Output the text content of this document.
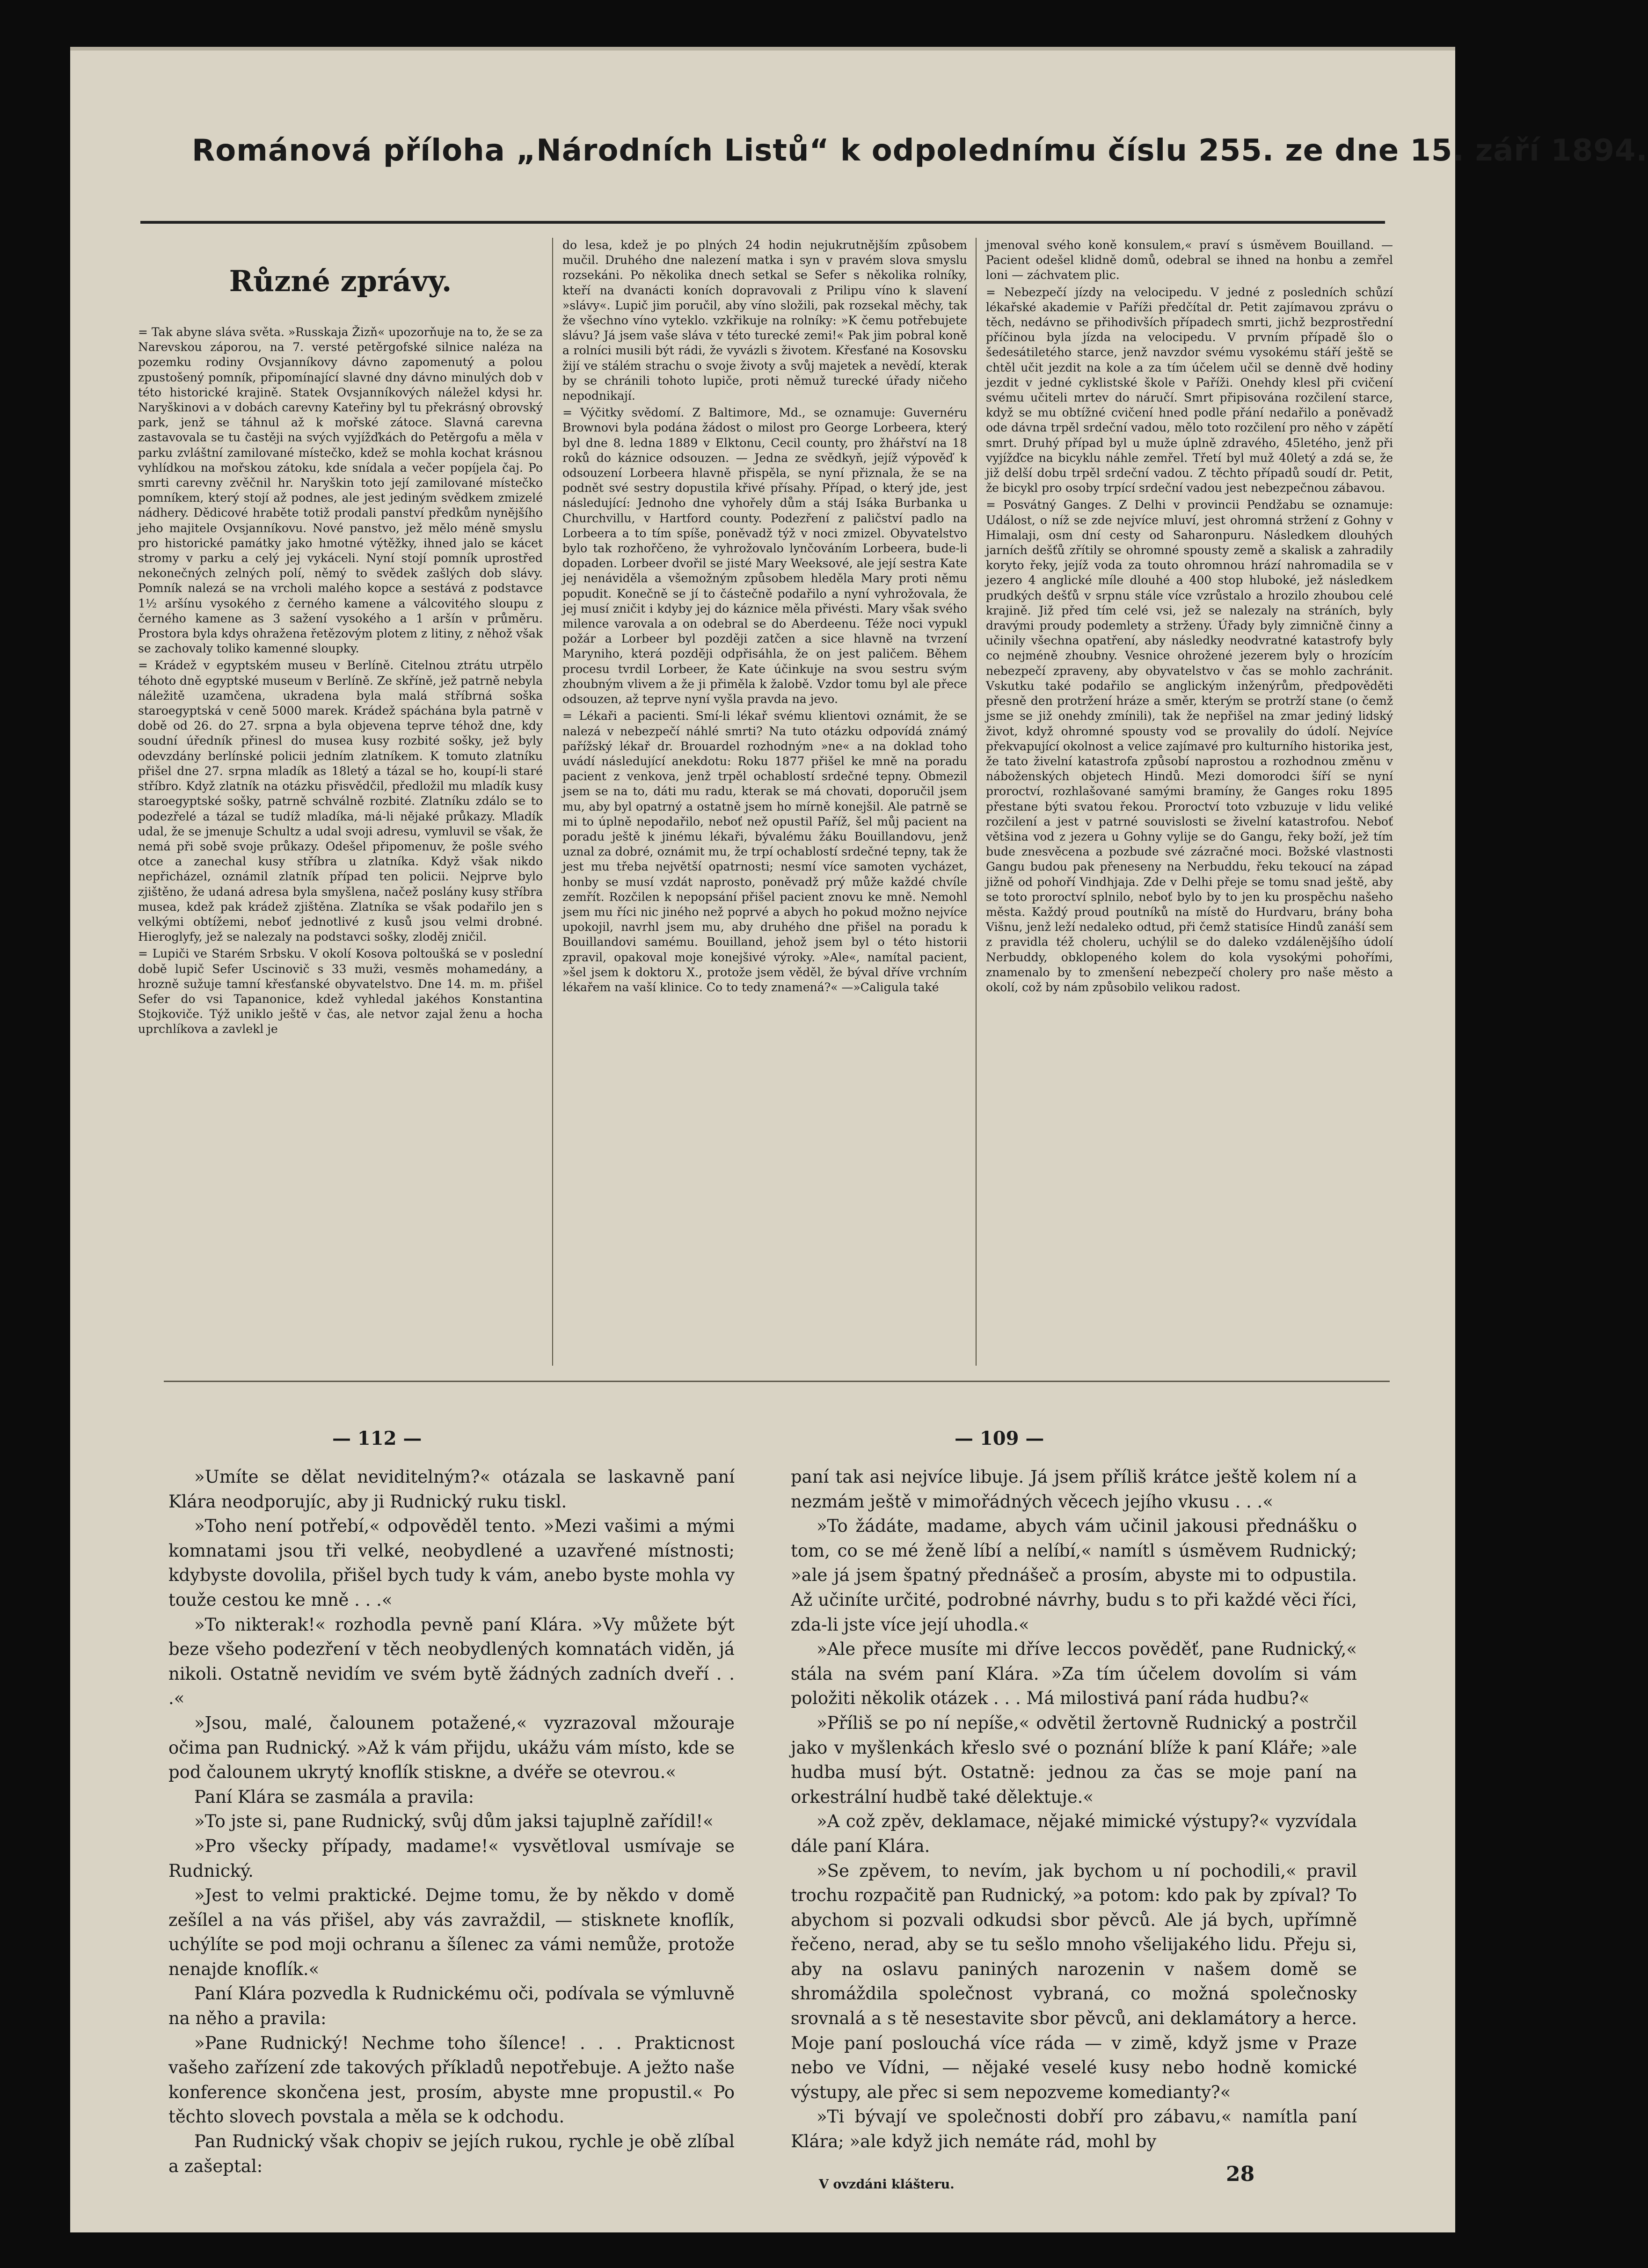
Románová příloha „Národních Listů“ k odpolednímu číslu 255. ze dne 15. září 1894.
Různé zprávy.

= Tak abyne sláva světa. »Russkaja Žizň« upozorňuje na to, že se za Narevskou záporou, na 7. versté petěrgofské silnice naléza na pozemku rodiny Ovsjanníkovy dávno zapomenutý a polou zpustošený pomník, připomínající slavné dny dávno minulých dob v této historické krajině. Statek Ovsjanníkových náležel kdysi hr. Naryškinovi a v dobách carevny Kateřiny byl tu překrásný obrovský park, jenž se táhnul až k mořské zátoce. Slavná carevna zastavovala se tu častěji na svých vyjížďkách do Petěrgofu a měla v parku zvláštní zamilované místečko, kdež se mohla kochat krásnou vyhlídkou na mořskou zátoku, kde snídala a večer popíjela čaj. Po smrti carevny zvěčnil hr. Naryškin toto její zamilované místečko pomníkem, který stojí až podnes, ale jest jediným svědkem zmizelé nádhery. Dědicové hraběte totiž prodali panství předkům nynějšího jeho majitele Ovsjanníkovu. Nové panstvo, jež mělo méně smyslu pro historické památky jako hmotné výtěžky, ihned jalo se kácet stromy v parku a celý jej vykáceli. Nyní stojí pomník uprostřed nekonečných zelných polí, němý to svědek zašlých dob slávy. Pomník nalezá se na vrcholi malého kopce a sestává z podstavce 1½ aršínu vysokého z černého kamene a válcovitého sloupu z černého kamene as 3 sažení vysokého a 1 aršín v průměru. Prostora byla kdys ohražena řetězovým plotem z litiny, z něhož však se zachovaly toliko kamenné sloupky.

= Krádež v egyptském museu v Berlíně. Citelnou ztrátu utrpělo téhoto dně egyptské museum v Berlíně. Ze skříně, jež patrně nebyla náležitě uzamčena, ukradena byla malá stříbrná soška staroegyptská v ceně 5000 marek. Krádež spáchána byla patrně v době od 26. do 27. srpna a byla objevena teprve téhož dne, kdy soudní úředník přinesl do musea kusy rozbité sošky, jež byly odevzdány berlínské policii jedním zlatníkem. K tomuto zlatníku přišel dne 27. srpna mladík as 18letý a tázal se ho, koupí-li staré stříbro. Když zlatník na otázku přisvědčil, předložil mu mladík kusy staroegyptské sošky, patrně schválně rozbité. Zlatníku zdálo se to podezřelé a tázal se tudíž mladíka, má-li nějaké průkazy. Mladík udal, že se jmenuje Schultz a udal svoji adresu, vymluvil se však, že nemá při sobě svoje průkazy. Odešel připomenuv, že pošle svého otce a zanechal kusy stříbra u zlatníka. Když však nikdo nepřicházel, oznámil zlatník případ ten policii. Nejprve bylo zjištěno, že udaná adresa byla smyšlena, načež poslány kusy stříbra musea, kdež pak krádež zjištěna. Zlatníka se však podařilo jen s velkými obtížemi, neboť jednotlivé z kusů jsou velmi drobné. Hieroglyfy, jež se nalezaly na podstavci sošky, zloděj zničil.

= Lupiči ve Starém Srbsku. V okolí Kosova poltoušká se v poslední době lupič Sefer Uscinovič s 33 muži, vesměs mohamedány, a hrozně sužuje tamní křesťanské obyvatelstvo. Dne 14. m. m. přišel Sefer do vsi Tapanonice, kdež vyhledal jakéhos Konstantina Stojkoviče. Týž uniklo ještě v čas, ale netvor zajal ženu a hocha uprchlíkova a zavlekl je

do lesa, kdež je po plných 24 hodin nejukrutnějším způsobem mučil. Druhého dne nalezení matka i syn v pravém slova smyslu rozsekáni. Po několika dnech setkal se Sefer s několika rolníky, kteří na dvanácti koních dopravovali z Prilipu víno k slavení »slávy«. Lupič jim poručil, aby víno složili, pak rozsekal měchy, tak že všechno víno vyteklo. vzkřikuje na rolníky: »K čemu potřebujete slávu? Já jsem vaše sláva v této turecké zemi!« Pak jim pobral koně a rolníci musili být rádi, že vyvázli s životem. Křesťané na Kosovsku žijí ve stálém strachu o svoje životy a svůj majetek a nevědí, kterak by se chránili tohoto lupiče, proti němuž turecké úřady ničeho nepodnikají.

= Výčitky svědomí. Z Baltimore, Md., se oznamuje: Guvernéru Brownovi byla podána žádost o milost pro George Lorbeera, který byl dne 8. ledna 1889 v Elktonu, Cecil county, pro žhářství na 18 roků do káznice odsouzen. — Jedna ze svědkyň, jejíž výpověď k odsouzení Lorbeera hlavně přispěla, se nyní přiznala, že se na podnět své sestry dopustila křivé přísahy. Případ, o který jde, jest následující: Jednoho dne vyhořely dům a stáj Isáka Burbanka u Churchvillu, v Hartford county. Podezření z paličství padlo na Lorbeera a to tím spíše, poněvadž týž v noci zmizel. Obyvatelstvo bylo tak rozhořčeno, že vyhrožovalo lynčováním Lorbeera, bude-li dopaden. Lorbeer dvořil se jisté Mary Weeksové, ale její sestra Kate jej nenáviděla a všemožným způsobem hleděla Mary proti němu popudit. Konečně se jí to částečně podařilo a nyní vyhrožovala, že jej musí zničit i kdyby jej do káznice měla přivésti. Mary však svého milence varovala a on odebral se do Aberdeenu. Téže noci vypukl požár a Lorbeer byl později zatčen a sice hlavně na tvrzení Maryniho, která později odpřisáhla, že on jest paličem. Během procesu tvrdil Lorbeer, že Kate účinkuje na svou sestru svým zhoubným vlivem a že ji přiměla k žalobě. Vzdor tomu byl ale přece odsouzen, až teprve nyní vyšla pravda na jevo.

= Lékaři a pacienti. Smí-li lékař svému klientovi oznámit, že se nalezá v nebezpečí náhlé smrti? Na tuto otázku odpovídá známý pařížský lékař dr. Brouardel rozhodným »ne« a na doklad toho uvádí následující anekdotu: Roku 1877 přišel ke mně na poradu pacient z venkova, jenž trpěl ochablostí srdečné tepny. Obmezil jsem se na to, dáti mu radu, kterak se má chovati, doporučil jsem mu, aby byl opatrný a ostatně jsem ho mírně konejšil. Ale patrně se mi to úplně nepodařilo, neboť než opustil Paříž, šel můj pacient na poradu ještě k jinému lékaři, bývalému žáku Bouillandovu, jenž uznal za dobré, oznámit mu, že trpí ochablostí srdečné tepny, tak že jest mu třeba největší opatrnosti; nesmí více samoten vycházet, honby se musí vzdát naprosto, poněvadž prý může každé chvíle zemřít. Rozčilen k nepopsání přišel pacient znovu ke mně. Nemohl jsem mu říci nic jiného než poprvé a abych ho pokud možno nejvíce upokojil, navrhl jsem mu, aby druhého dne přišel na poradu k Bouillandovi samému. Bouilland, jehož jsem byl o této historii zpravil, opakoval moje konejšivé výroky. »Ale«, namítal pacient, »šel jsem k doktoru X., protože jsem věděl, že býval dříve vrchním lékařem na vaší klinice. Co to tedy znamená?« —»Caligula také

jmenoval svého koně konsulem,« praví s úsměvem Bouilland. — Pacient odešel klidně domů, odebral se ihned na honbu a zemřel loni — záchvatem plic.

= Nebezpečí jízdy na velocipedu. V jedné z posledních schůzí lékařské akademie v Paříži předčítal dr. Petit zajímavou zprávu o těch, nedávno se přihodivších případech smrti, jichž bezprostřední příčinou byla jízda na velocipedu. V prvním případě šlo o šedesátiletého starce, jenž navzdor svému vysokému stáří ještě se chtěl učit jezdit na kole a za tím účelem učil se denně dvě hodiny jezdit v jedné cyklistské škole v Paříži. Onehdy klesl při cvičení svému učiteli mrtev do náručí. Smrt připisována rozčilení starce, když se mu obtížné cvičení hned podle přání nedařilo a poněvadž ode dávna trpěl srdeční vadou, mělo toto rozčilení pro něho v zápětí smrt. Druhý případ byl u muže úplně zdravého, 45letého, jenž při vyjížďce na bicyklu náhle zemřel. Třetí byl muž 40letý a zdá se, že již delší dobu trpěl srdeční vadou. Z těchto případů soudí dr. Petit, že bicykl pro osoby trpící srdeční vadou jest nebezpečnou zábavou.

= Posvátný Ganges. Z Delhi v provincii Pendžabu se oznamuje: Událost, o níž se zde nejvíce mluví, jest ohromná stržení z Gohny v Himalaji, osm dní cesty od Saharonpuru. Následkem dlouhých jarních dešťů zřítily se ohromné spousty země a skalisk a zahradily koryto řeky, jejíž voda za touto ohromnou hrází nahromadila se v jezero 4 anglické míle dlouhé a 400 stop hluboké, jež následkem prudkých dešťů v srpnu stále více vzrůstalo a hrozilo zhoubou celé krajině. Již před tím celé vsi, jež se nalezaly na stráních, byly dravými proudy podemlety a strženy. Úřady byly zimničně činny a učinily všechna opatření, aby následky neodvratné katastrofy byly co nejméně zhoubny. Vesnice ohrožené jezerem byly o hrozícím nebezpečí zpraveny, aby obyvatelstvo v čas se mohlo zachránit. Vskutku také podařilo se anglickým inženýrům, předpověděti přesně den protržení hráze a směr, kterým se protrží stane (o čemž jsme se již onehdy zmínili), tak že nepřišel na zmar jediný lidský život, když ohromné spousty vod se provalily do údolí. Nejvíce překvapující okolnost a velice zajímavé pro kulturního historika jest, že tato živelní katastrofa způsobí naprostou a rozhodnou změnu v náboženských objetech Hindů. Mezi domorodci šíří se nyní proroctví, rozhlašované samými bramíny, že Ganges roku 1895 přestane býti svatou řekou. Proroctví toto vzbuzuje v lidu veliké rozčilení a jest v patrné souvislosti se živelní katastrofou. Neboť většina vod z jezera u Gohny vylije se do Gangu, řeky boží, jež tím bude znesvěcena a pozbude své zázračné moci. Božské vlastnosti Gangu budou pak přeneseny na Nerbuddu, řeku tekoucí na západ jižně od pohoří Vindhjaja. Zde v Delhi přeje se tomu snad ještě, aby se toto proroctví splnilo, neboť bylo by to jen ku prospěchu našeho města. Každý proud poutníků na místě do Hurdvaru, brány boha Višnu, jenž leží nedaleko odtud, při čemž statisíce Hindů zanáší sem z pravidla též choleru, uchýlil se do daleko vzdálenějšího údolí Nerbuddy, obklopeného kolem do kola vysokými pohořími, znamenalo by to zmenšení nebezpečí cholery pro naše město a okolí, což by nám způsobilo velikou radost.

— 112 —	— 109 —

»Umíte se dělat neviditelným?« otázala se laskavně paní Klára neodporujíc, aby ji Rudnický ruku tiskl.

»Toho není potřebí,« odpověděl tento. »Mezi vašimi a mými komnatami jsou tři velké, neobydlené a uzavřené místnosti; kdybyste dovolila, přišel bych tudy k vám, anebo byste mohla vy touže cestou ke mně . . .«

»To nikterak!« rozhodla pevně paní Klára. »Vy můžete být beze všeho podezření v těch neobydlených komnatách viděn, já nikoli. Ostatně nevidím ve svém bytě žádných zadních dveří . . .«

»Jsou, malé, čalounem potažené,« vyzrazoval mžouraje očima pan Rudnický. »Až k vám přijdu, ukážu vám místo, kde se pod čalounem ukrytý knoflík stiskne, a dvéře se otevrou.«

Paní Klára se zasmála a pravila:

»To jste si, pane Rudnický, svůj dům jaksi tajuplně zařídil!«

»Pro všecky případy, madame!« vysvětloval usmívaje se Rudnický.

»Jest to velmi praktické. Dejme tomu, že by někdo v domě zešílel a na vás přišel, aby vás zavraždil, — stisknete knoflík, uchýlíte se pod moji ochranu a šílenec za vámi nemůže, protože nenajde knoflík.«

Paní Klára pozvedla k Rudnickému oči, podívala se výmluvně na něho a pravila:

»Pane Rudnický! Nechme toho šílence! . . . Prakticnost vašeho zařízení zde takových příkladů nepotřebuje. A ježto naše konference skončena jest, prosím, abyste mne propustil.« Po těchto slovech povstala a měla se k odchodu.

Pan Rudnický však chopiv se jejích rukou, rychle je obě zlíbal a zašeptal:

paní tak asi nejvíce libuje. Já jsem příliš krátce ještě kolem ní a nezmám ještě v mimořádných věcech jejího vkusu . . .«

»To žádáte, madame, abych vám učinil jakousi přednášku o tom, co se mé ženě líbí a nelíbí,« namítl s úsměvem Rudnický; »ale já jsem špatný přednášeč a prosím, abyste mi to odpustila. Až učiníte určité, podrobné návrhy, budu s to při každé věci říci, zda-li jste více její uhodla.«

»Ale přece musíte mi dříve leccos pověděť, pane Rudnický,« stála na svém paní Klára. »Za tím účelem dovolím si vám položiti několik otázek . . . Má milostivá paní ráda hudbu?«

»Příliš se po ní nepíše,« odvětil žertovně Rudnický a postrčil jako v myšlenkách křeslo své o poznání blíže k paní Kláře; »ale hudba musí být. Ostatně: jednou za čas se moje paní na orkestrální hudbě také dělektuje.«

»A což zpěv, deklamace, nějaké mimické výstupy?« vyzvídala dále paní Klára.

»Se zpěvem, to nevím, jak bychom u ní pochodili,« pravil trochu rozpačitě pan Rudnický, »a potom: kdo pak by zpíval? To abychom si pozvali odkudsi sbor pěvců. Ale já bych, upřímně řečeno, nerad, aby se tu sešlo mnoho všelijakého lidu. Přeju si, aby na oslavu paniných narozenin v našem domě se shromáždila společnost vybraná, co možná společnosky srovnalá a s tě nesestavite sbor pěvců, ani deklamátory a herce. Moje paní poslouchá více ráda — v zimě, když jsme v Praze nebo ve Vídni, — nějaké veselé kusy nebo hodně komické výstupy, ale přec si sem nepozveme komedianty?«

»Ti bývají ve společnosti dobří pro zábavu,« namítla paní Klára; »ale když jich nemáte rád, mohl by

V ovzdáni klášteru.	28
